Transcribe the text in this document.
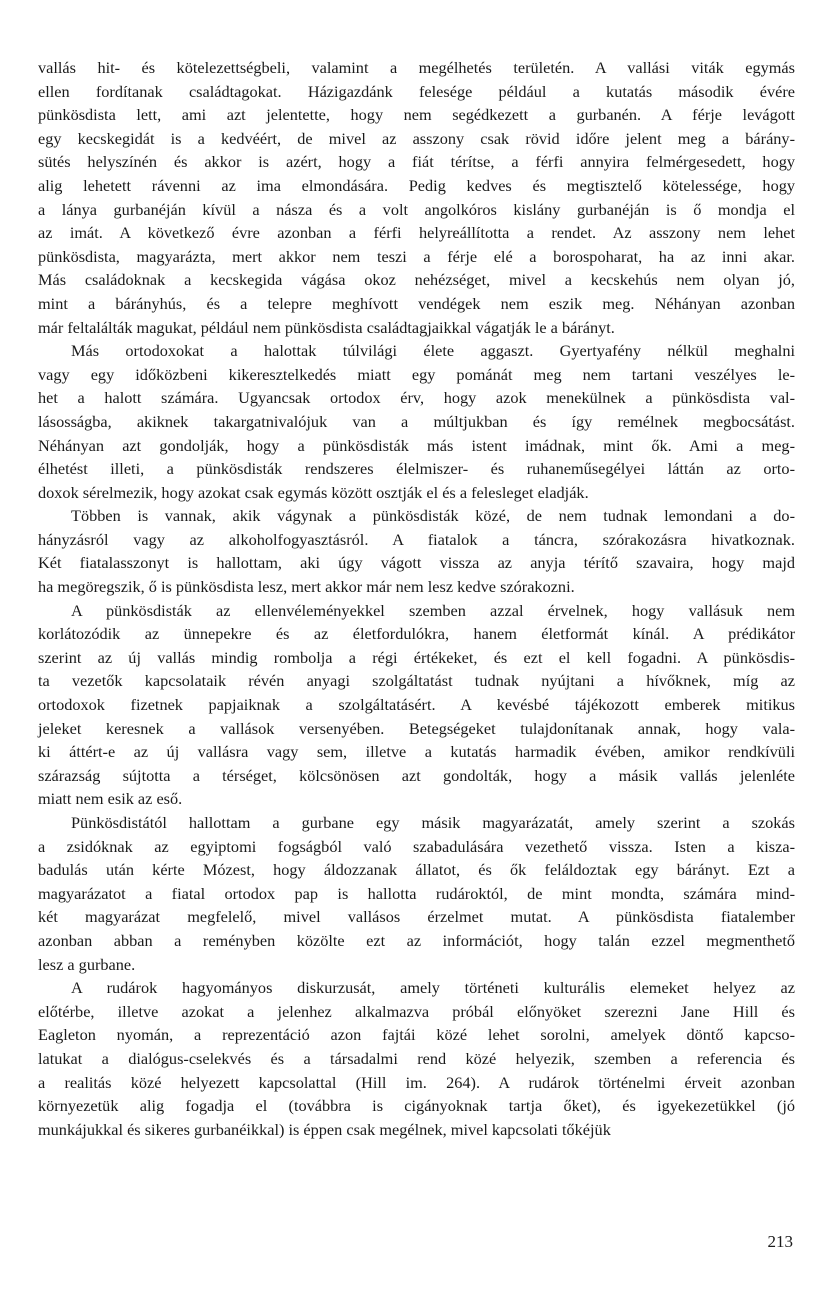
vallás hit- és kötelezettségbeli, valamint a megélhetés területén. A vallási viták egymás
ellen fordítanak családtagokat. Házigazdánk felesége például a kutatás második évére
pünkösdista lett, ami azt jelentette, hogy nem segédkezett a gurbanén. A férje levágott
egy kecskegidát is a kedvéért, de mivel az asszony csak rövid időre jelent meg a bárány-
sütés helyszínén és akkor is azért, hogy a fiát térítse, a férfi annyira felmérgesedett, hogy
alig lehetett rávenni az ima elmondására. Pedig kedves és megtisztelő kötelessége, hogy
a lánya gurbanéján kívül a násza és a volt angolkóros kislány gurbanéján is ő mondja el
az imát. A következő évre azonban a férfi helyreállította a rendet. Az asszony nem lehet
pünkösdista, magyarázta, mert akkor nem teszi a férje elé a borospoharat, ha az inni akar.
Más családoknak a kecskegida vágása okoz nehézséget, mivel a kecskehús nem olyan jó,
mint a bárányhús, és a telepre meghívott vendégek nem eszik meg. Néhányan azonban
már feltalálták magukat, például nem pünkösdista családtagjaikkal vágatják le a bárányt.
Más ortodoxokat a halottak túlvilági élete aggaszt. Gyertyafény nélkül meghalni
vagy egy időközbeni kikeresztelkedés miatt egy pománát meg nem tartani veszélyes le-
het a halott számára. Ugyancsak ortodox érv, hogy azok menekülnek a pünkösdista val-
lásosságba, akiknek takargatnivalójuk van a múltjukban és így remélnek megbocsátást.
Néhányan azt gondolják, hogy a pünkösdisták más istent imádnak, mint ők. Ami a meg-
élhetést illeti, a pünkösdisták rendszeres élelmiszer- és ruhaneműsegélyei láttán az orto-
doxok sérelmezik, hogy azokat csak egymás között osztják el és a felesleget eladják.
Többen is vannak, akik vágynak a pünkösdisták közé, de nem tudnak lemondani a do-
hányzásról vagy az alkoholfogyasztásról. A fiatalok a táncra, szórakozásra hivatkoznak.
Két fiatalasszonyt is hallottam, aki úgy vágott vissza az anyja térítő szavaira, hogy majd
ha megöregszik, ő is pünkösdista lesz, mert akkor már nem lesz kedve szórakozni.
A pünkösdisták az ellenvéleményekkel szemben azzal érvelnek, hogy vallásuk nem
korlátozódik az ünnepekre és az életfordulókra, hanem életformát kínál. A prédikátor
szerint az új vallás mindig rombolja a régi értékeket, és ezt el kell fogadni. A pünkösdis-
ta vezetők kapcsolataik révén anyagi szolgáltatást tudnak nyújtani a hívőknek, míg az
ortodoxok fizetnek papjaiknak a szolgáltatásért. A kevésbé tájékozott emberek mitikus
jeleket keresnek a vallások versenyében. Betegségeket tulajdonítanak annak, hogy vala-
ki áttért-e az új vallásra vagy sem, illetve a kutatás harmadik évében, amikor rendkívüli
szárazság sújtotta a térséget, kölcsönösen azt gondolták, hogy a másik vallás jelenléte
miatt nem esik az eső.
Pünkösdistától hallottam a gurbane egy másik magyarázatát, amely szerint a szokás
a zsidóknak az egyiptomi fogságból való szabadulására vezethető vissza. Isten a kisza-
badulás után kérte Mózest, hogy áldozzanak állatot, és ők feláldoztak egy bárányt. Ezt a
magyarázatot a fiatal ortodox pap is hallotta rudároktól, de mint mondta, számára mind-
két magyarázat megfelelő, mivel vallásos érzelmet mutat. A pünkösdista fiatalember
azonban abban a reményben közölte ezt az információt, hogy talán ezzel megmenthető
lesz a gurbane.
A rudárok hagyományos diskurzusát, amely történeti kulturális elemeket helyez az
előtérbe, illetve azokat a jelenhez alkalmazva próbál előnyöket szerezni Jane Hill és
Eagleton nyomán, a reprezentáció azon fajtái közé lehet sorolni, amelyek döntő kapcso-
latukat a dialógus-cselekvés és a társadalmi rend közé helyezik, szemben a referencia és
a realitás közé helyezett kapcsolattal (Hill im. 264). A rudárok történelmi érveit azonban
környezetük alig fogadja el (továbbra is cigányoknak tartja őket), és igyekezetükkel (jó
munkájukkal és sikeres gurbanéikkal) is éppen csak megélnek, mivel kapcsolati tőkéjük
213
